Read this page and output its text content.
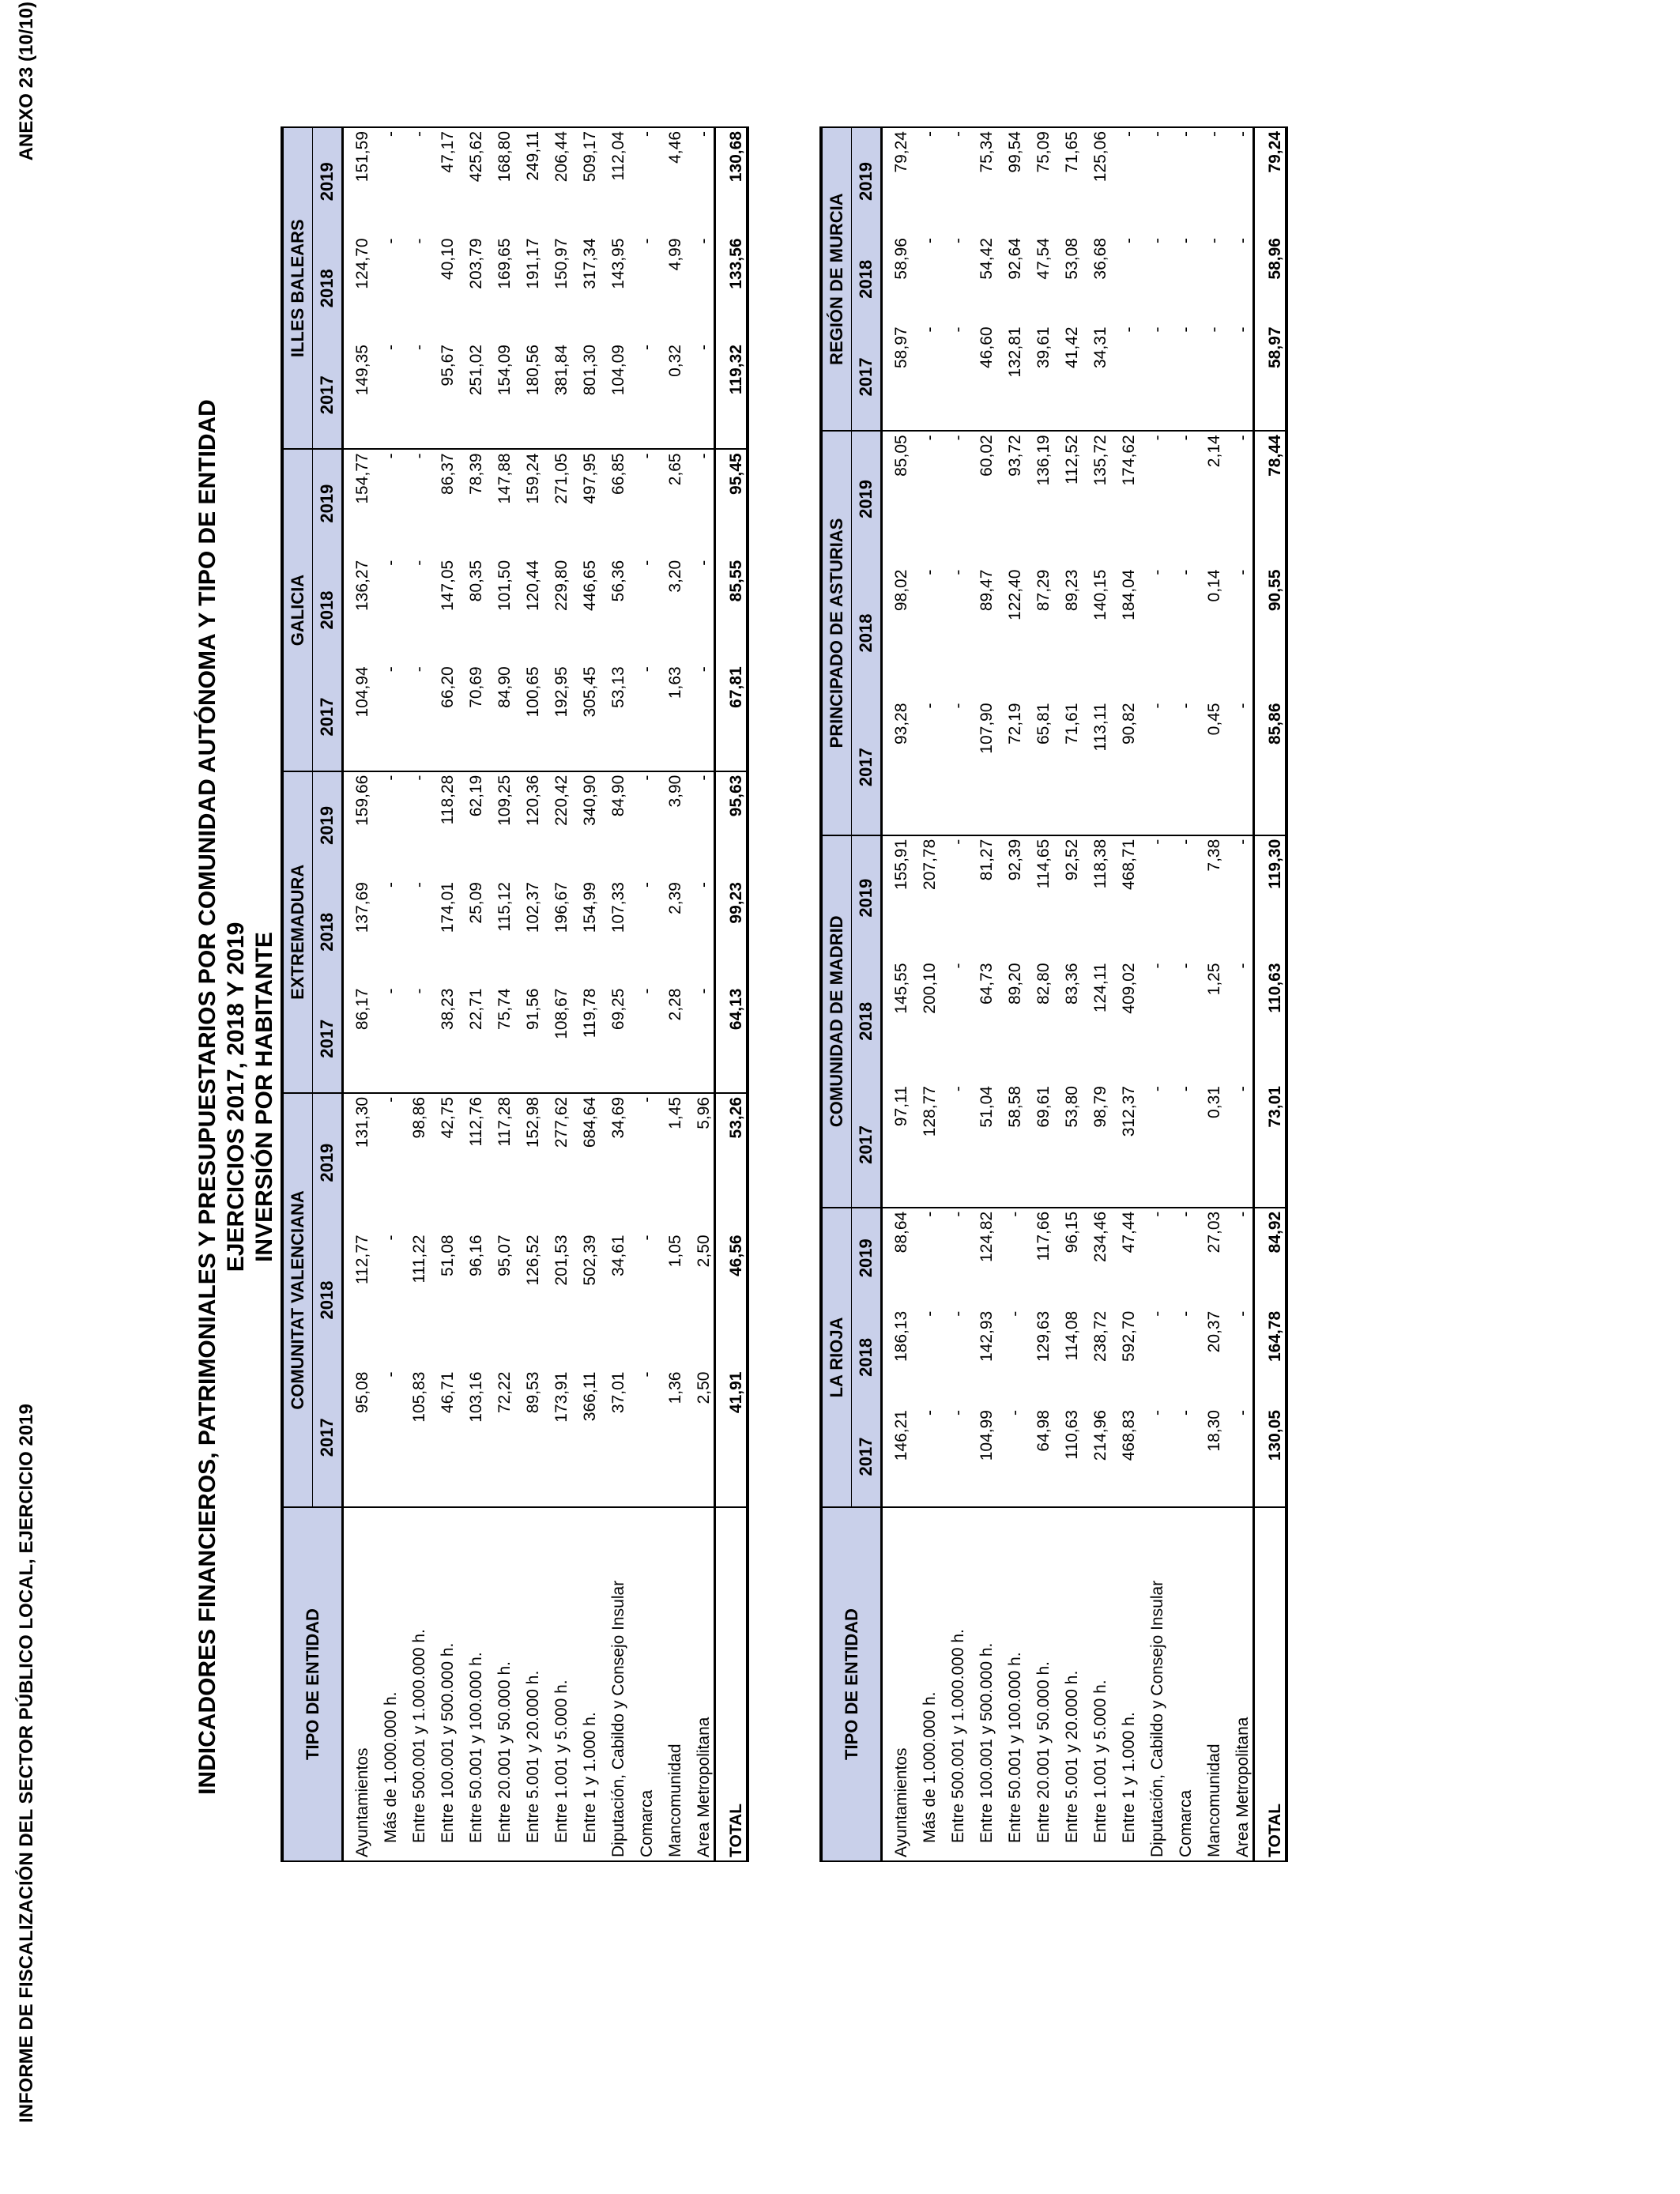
INFORME DE FISCALIZACIÓN DEL SECTOR PÚBLICO LOCAL, EJERCICIO 2019
ANEXO 23 (10/10)
INDICADORES FINANCIEROS, PATRIMONIALES Y PRESUPUESTARIOS POR COMUNIDAD AUTÓNOMA Y TIPO DE ENTIDAD EJERCICIOS 2017, 2018 Y 2019 INVERSIÓN POR HABITANTE
TIPO DE ENTIDAD	COMUNITAT VALENCIANA			EXTREMADURA			GALICIA			ILLES BALEARS		
	2017	2018	2019	2017	2018	2019	2017	2018	2019	2017	2018	2019
Ayuntamientos	95,08	112,77	131,30	86,17	137,69	159,66	104,94	136,27	154,77	149,35	124,70	151,59
Más de 1.000.000 h.	-	-	-	-	-	-	-	-	-	-	-	-
Entre 500.001 y 1.000.000 h.	105,83	111,22	98,86	-	-	-	-	-	-	-	-	-
Entre 100.001 y 500.000 h.	46,71	51,08	42,75	38,23	174,01	118,28	66,20	147,05	86,37	95,67	40,10	47,17
Entre 50.001 y 100.000 h.	103,16	96,16	112,76	22,71	25,09	62,19	70,69	80,35	78,39	251,02	203,79	425,62
Entre 20.001 y 50.000 h.	72,22	95,07	117,28	75,74	115,12	109,25	84,90	101,50	147,88	154,09	169,65	168,80
Entre 5.001 y 20.000 h.	89,53	126,52	152,98	91,56	102,37	120,36	100,65	120,44	159,24	180,56	191,17	249,11
Entre 1.001 y 5.000 h.	173,91	201,53	277,62	108,67	196,67	220,42	192,95	229,80	271,05	381,84	150,97	206,44
Entre 1 y 1.000 h.	366,11	502,39	684,64	119,78	154,99	340,90	305,45	446,65	497,95	801,30	317,34	509,17
Diputación, Cabildo y Consejo Insular	37,01	34,61	34,69	69,25	107,33	84,90	53,13	56,36	66,85	104,09	143,95	112,04
Comarca	-	-	-	-	-	-	-	-	-	-	-	-
Mancomunidad	1,36	1,05	1,45	2,28	2,39	3,90	1,63	3,20	2,65	0,32	4,99	4,46
Area Metropolitana	2,50	2,50	5,96	-	-	-	-	-	-	-	-	-
TOTAL	41,91	46,56	53,26	64,13	99,23	95,63	67,81	85,55	95,45	119,32	133,56	130,68
TIPO DE ENTIDAD	LA RIOJA			COMUNIDAD DE MADRID			PRINCIPADO DE ASTURIAS			REGIÓN DE MURCIA		
	2017	2018	2019	2017	2018	2019	2017	2018	2019	2017	2018	2019
Ayuntamientos	146,21	186,13	88,64	97,11	145,55	155,91	93,28	98,02	85,05	58,97	58,96	79,24
Más de 1.000.000 h.	-	-	-	128,77	200,10	207,78	-	-	-	-	-	-
Entre 500.001 y 1.000.000 h.	-	-	-	-	-	-	-	-	-	-	-	-
Entre 100.001 y 500.000 h.	104,99	142,93	124,82	51,04	64,73	81,27	107,90	89,47	60,02	46,60	54,42	75,34
Entre 50.001 y 100.000 h.	-	-	-	58,58	89,20	92,39	72,19	122,40	93,72	132,81	92,64	99,54
Entre 20.001 y 50.000 h.	64,98	129,63	117,66	69,61	82,80	114,65	65,81	87,29	136,19	39,61	47,54	75,09
Entre 5.001 y 20.000 h.	110,63	114,08	96,15	53,80	83,36	92,52	71,61	89,23	112,52	41,42	53,08	71,65
Entre 1.001 y 5.000 h.	214,96	238,72	234,46	98,79	124,11	118,38	113,11	140,15	135,72	34,31	36,68	125,06
Entre 1 y 1.000 h.	468,83	592,70	47,44	312,37	409,02	468,71	90,82	184,04	174,62	-	-	-
Diputación, Cabildo y Consejo Insular	-	-	-	-	-	-	-	-	-	-	-	-
Comarca	-	-	-	-	-	-	-	-	-	-	-	-
Mancomunidad	18,30	20,37	27,03	0,31	1,25	7,38	0,45	0,14	2,14	-	-	-
Area Metropolitana	-	-	-	-	-	-	-	-	-	-	-	-
TOTAL	130,05	164,78	84,92	73,01	110,63	119,30	85,86	90,55	78,44	58,97	58,96	79,24
